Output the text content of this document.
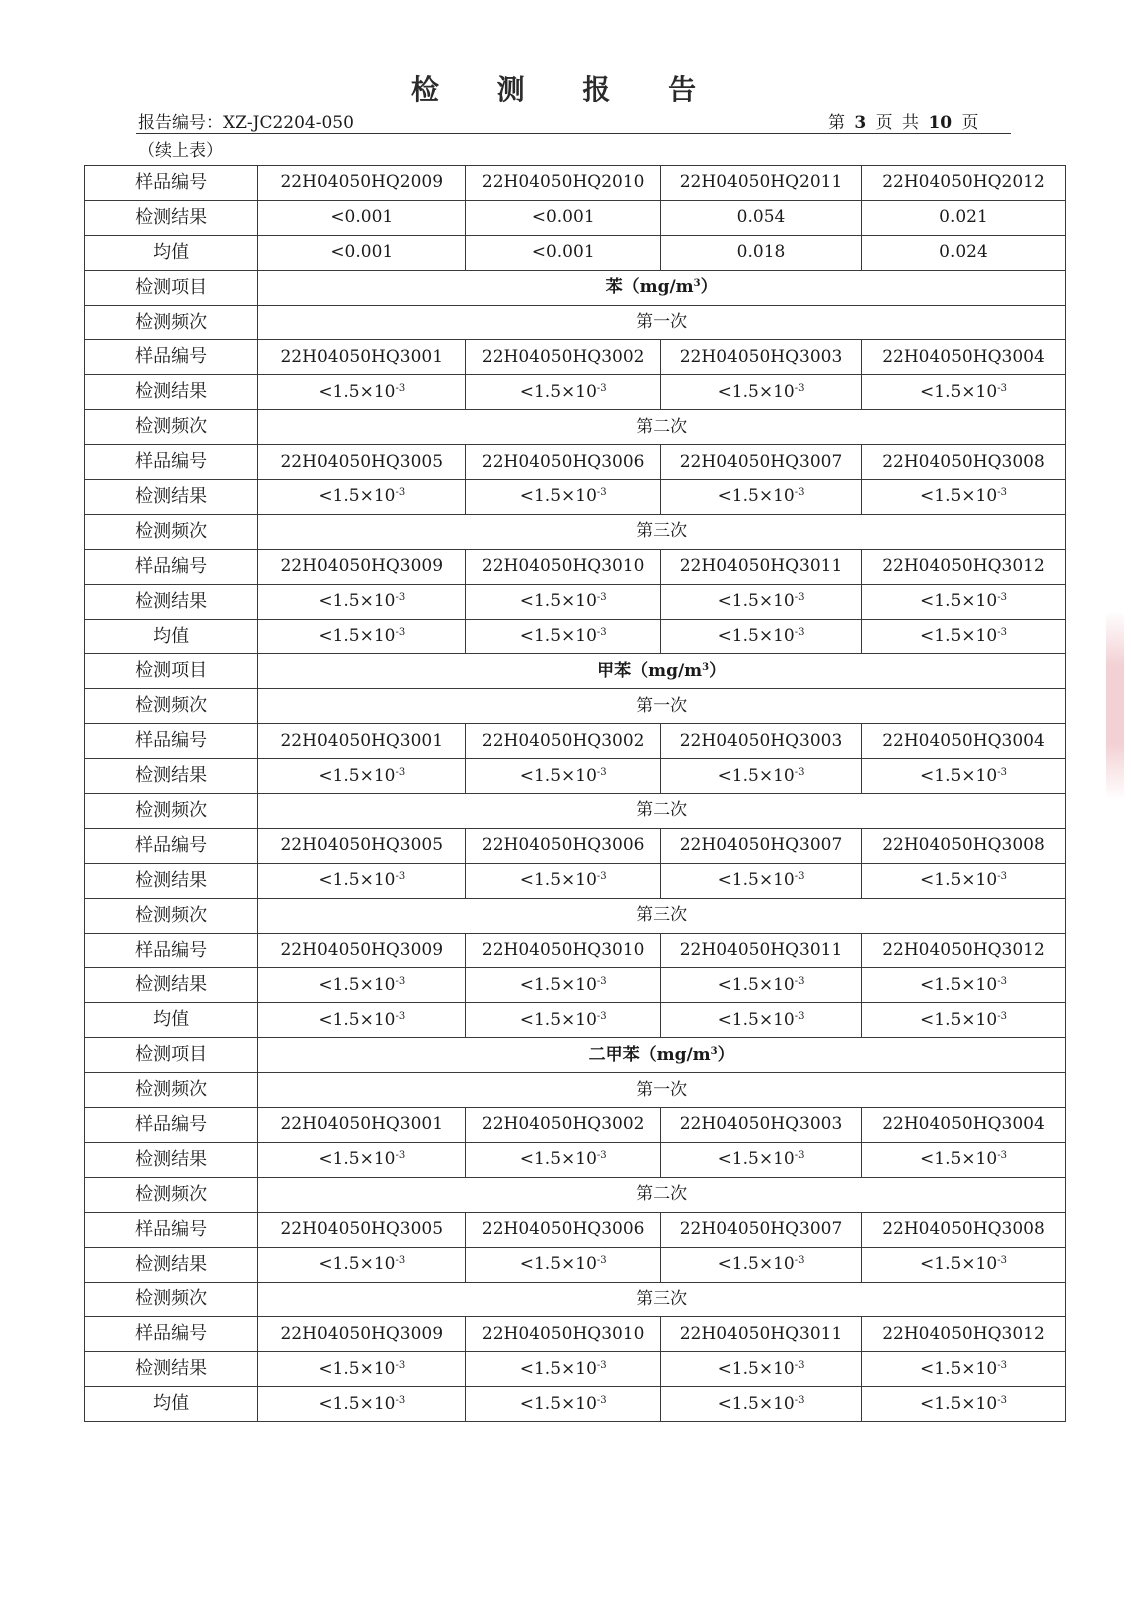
检 测 报 告
报告编号：XZ-JC2204-050	第 3 页 共 10 页
（续上表）
样品编号	22H04050HQ2009	22H04050HQ2010	22H04050HQ2011	22H04050HQ2012
检测结果	<0.001	<0.001	0.054	0.021
均值	<0.001	<0.001	0.018	0.024
检测项目	苯$(mg/m^3)$			
检测频次	第一次			
样品编号	22H04050HQ3001	22H04050HQ3002	22H04050HQ3003	22H04050HQ3004
检测结果	$<1.5\times 10^{-3}$	$<1.5\times 10^{-3}$	$<1.5\times 10^{-3}$	$<1.5\times 10^{-3}$
检测频次	第二次			
样品编号	22H04050HQ3005	22H04050HQ3006	22H04050HQ3007	22H04050HQ3008
检测结果	$<1.5\times 10^{-3}$	$<1.5\times 10^{-3}$	$<1.5\times 10^{-3}$	$<1.5\times 10^{-3}$
检测频次	第三次			
样品编号	22H04050HQ3009	22H04050HQ3010	22H04050HQ3011	22H04050HQ3012
检测结果	$<1.5\times 10^{-3}$	$<1.5\times 10^{-3}$	$<1.5\times 10^{-3}$	$<1.5\times 10^{-3}$
均值	$<1.5\times 10^{-3}$	$<1.5\times 10^{-3}$	$<1.5\times 10^{-3}$	$<1.5\times 10^{-3}$
检测项目	甲苯$(mg/m^3)$			
检测频次	第一次			
样品编号	22H04050HQ3001	22H04050HQ3002	22H04050HQ3003	22H04050HQ3004
检测结果	$<1.5\times 10^{-3}$	$<1.5\times 10^{-3}$	$<1.5\times 10^{-3}$	$<1.5\times 10^{-3}$
检测频次	第二次			
样品编号	22H04050HQ3005	22H04050HQ3006	22H04050HQ3007	22H04050HQ3008
检测结果	$<1.5\times 10^{-3}$	$<1.5\times 10^{-3}$	$<1.5\times 10^{-3}$	$<1.5\times 10^{-3}$
检测频次	第三次			
样品编号	22H04050HQ3009	22H04050HQ3010	22H04050HQ3011	22H04050HQ3012
检测结果	$<1.5\times 10^{-3}$	$<1.5\times 10^{-3}$	$<1.5\times 10^{-3}$	$<1.5\times 10^{-3}$
均值	$<1.5\times 10^{-3}$	$<1.5\times 10^{-3}$	$<1.5\times 10^{-3}$	$<1.5\times 10^{-3}$
检测项目	二甲苯$(mg/m^3)$			
检测频次	第一次			
样品编号	22H04050HQ3001	22H04050HQ3002	22H04050HQ3003	22H04050HQ3004
检测结果	$<1.5\times 10^{-3}$	$<1.5\times 10^{-3}$	$<1.5\times 10^{-3}$	$<1.5\times 10^{-3}$
检测频次	第二次			
样品编号	22H04050HQ3005	22H04050HQ3006	22H04050HQ3007	22H04050HQ3008
检测结果	$<1.5\times 10^{-3}$	$<1.5\times 10^{-3}$	$<1.5\times 10^{-3}$	$<1.5\times 10^{-3}$
检测频次	第三次			
样品编号	22H04050HQ3009	22H04050HQ3010	22H04050HQ3011	22H04050HQ3012
检测结果	$<1.5\times 10^{-3}$	$<1.5\times 10^{-3}$	$<1.5\times 10^{-3}$	$<1.5\times 10^{-3}$
均值	$<1.5\times 10^{-3}$	$<1.5\times 10^{-3}$	$<1.5\times 10^{-3}$	$<1.5\times 10^{-3}$
